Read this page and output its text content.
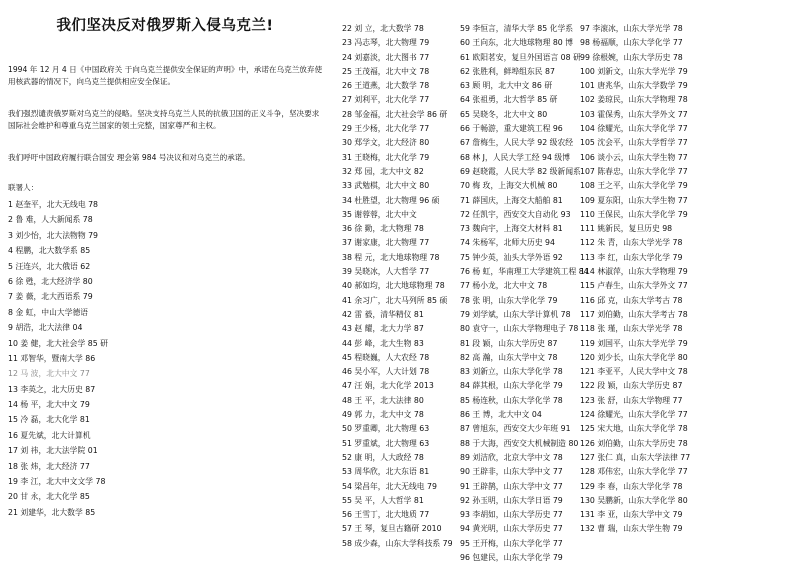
我们坚决反对俄罗斯入侵乌克兰!
1994 年 12 月 4 日《中国政府关 于向乌克兰提供安全保证的声明》中，承诺在乌克兰放弃使用核武器的情况下，向乌克兰提供相应安全保证。
我们强烈谴责俄罗斯对乌克兰的侵略。坚决支持乌克兰人民的抗俄卫国的正义斗争，坚决要求国际社会维护和尊重乌克兰国家的领土完整，国家尊严和主权。
我们呼吁中国政府履行联合国安 理会第 984 号决议和对乌克兰的承诺。
联署人：
1 赵奎平，北大无线电 78
2 鲁 难，人大新闻系 78
3 刘少怡，北大法物物 79
4 程鹏，北大数学系 85
5 汪连兴，北大俄语 62
6 徐 甦，北大经济学 80
7 姜 薇，北大西语系 79
8 金 虹，中山大学德语
9 胡浩，北大法律 04
10 姜 健，北大社会学 85 研
11 邓智华，暨南大学 86
12 马 波，北大中文 77
13 李英之，北大历史 87
14 杨 平，北大中文 79
15 冷 磊，北大化学 81
16 夏先斌，北大计算机
17 刘 祎，北大法学院 01
18 张 炜，北大经济 77
19 李 江，北大中文文学 78
20 甘 永，北大化学 85
21 刘建华，北大数学 85
22 刘 立，北大数学 78
23 冯志琴，北大物理 79
24 刘嘉淡，北大图书 77
25 王茂福，北大中文 78
26 王道燕，北大数学 78
27 刘利平，北大化学 77
28 邹金福，北大社会学 86 研
29 王少杨，北大化学 77
30 郑学文，北大经济 80
31 王晓梅，北大化学 79
32 郑 园，北大中文 82
33 武勉棋，北大中文 80
34 杜胜望，北大物理 96 硕
35 谢蓉蓉，北大中文
36 徐 勤，北大物理 78
37 谢家康，北大物理 77
38 程 元，北大地球物理 78
39 吴晓冰，人大哲学 77
40 郝如均，北大地球物理 78
41 余习广，北大马列所 85 硕
42 雷 毅，清华精仪 81
43 赵 耀，北大力学 87
44 彭 峰，北大生物 83
45 程晓巍，人大农经 78
46 吴小军，人大计划 78
47 汪 娟，北大化学 2013
48 王 平，北大法律 80
49 郭 力，北大中文 78
50 罗重卿，北大物理 63
51 罗重斌，北大物理 63
52 康 明，人大政经 78
53 周华欣，北大东语 81
54 梁昌年，北大无线电 79
55 吴 平，人大哲学 81
56 王雪丁，北大地质 77
57 王 琴，复旦古籍研 2010
58 成少森，山东大学科技系 79
59 李恒言，清华大学 85 化学系
60 王向东，北大地球物理 80 博
61 欧阳茗安，复旦外国语言 08 研
62 张胜利，鲜埠组东民 87
63 顾 明，北大中文 86 研
64 张祖勇，北大哲学 85 研
65 吴晓冬，北大中文 80
66 于畅游，重大建筑工程 96
67 詹梅生，人民大学 92 级农经
68 林 J，人民大学工经 94 级博
69 赵晓霞，人民大学 82 级新闻系
70 梅 玫，上海交大机械 80
71 薛国庆，上海交大船舶 81
72 任凯宇，西安交大自动化 93
73 魏向宇，上海交大材料 81
74 朱杨军，北师大历史 94
75 钟少英，汕头大学外语 92
76 杨 虹，华南理工大学建筑工程 84
77 杨小龙，北大中文 78
78 张 明，山东大学化学 79
79 刘学斌，山东大学计算机 78
80 袁守一，山东大学物理电子 78
81 段 颖，山东大学历史 87
82 高 瀚，山东大学中文 78
83 刘新立，山东大学化学 78
84 薛其根，山东大学化学 79
85 杨连秋，山东大学化学 78
86 王 博，北大中文 04
87 曾旭东，西安交大少年班 91
88 于大海，西安交大机械制造 80
89 刘洁欣，北京大学中文 78
90 王辟非，山东大学中文 77
91 王辟鹊，山东大学中文 77
92 孙玉明，山东大学日语 79
93 李胡如，山东大学历史 77
94 黄光明，山东大学历史 77
95 王开梅，山东大学化学 77
96 包建民，山东大学化学 79
97 李滚冰，山东大学光学 78
98 杨福顺，山东大学化学 77
99 徐根婉，山东大学历史 78
100 刘新文，山东大学光学 79
101 唐兆华，山东大学数学 79
102 姜琼民，山东大学物理 78
103 霍保秀，山东大学外文 77
104 徐耀光，山东大学化学 77
105 沈会平，山东大学哲学 77
106 谈小云，山东大学生物 77
107 陈春忠，山东大学化学 77
108 王之平，山东大学化学 79
109 夏东阳，山东大学生物 77
110 王保民，山东大学化学 79
111 姚新民，复旦历史 98
112 朱 青，山东大学光学 78
113 李 红，山东大学化学 79
114 林淑萍，山东大学物理 79
115 卢春生，山东大学外文 77
116 邱 克，山东大学考古 78
117 刘伯勤，山东大学考古 78
118 张 瑾，山东大学光学 78
119 刘国平，山东大学光学 79
120 刘少长，山东大学化学 80
121 李亚平，人民大学中文 78
122 段 颖，山东大学历史 87
123 张 舒，山东大学物理 77
124 徐耀光，山东大学化学 77
125 宋大地，山东大学化学 78
126 刘伯勤，山东大学历史 78
127 张仁 真，山东大学法律 77
128 邓伟宏，山东大学化学 77
129 李 春，山东大学化学 78
130 吴鹏新，山东大学化学 80
131 李 亚，山东大学中文 79
132 曹 瑞，山东大学生物 79
